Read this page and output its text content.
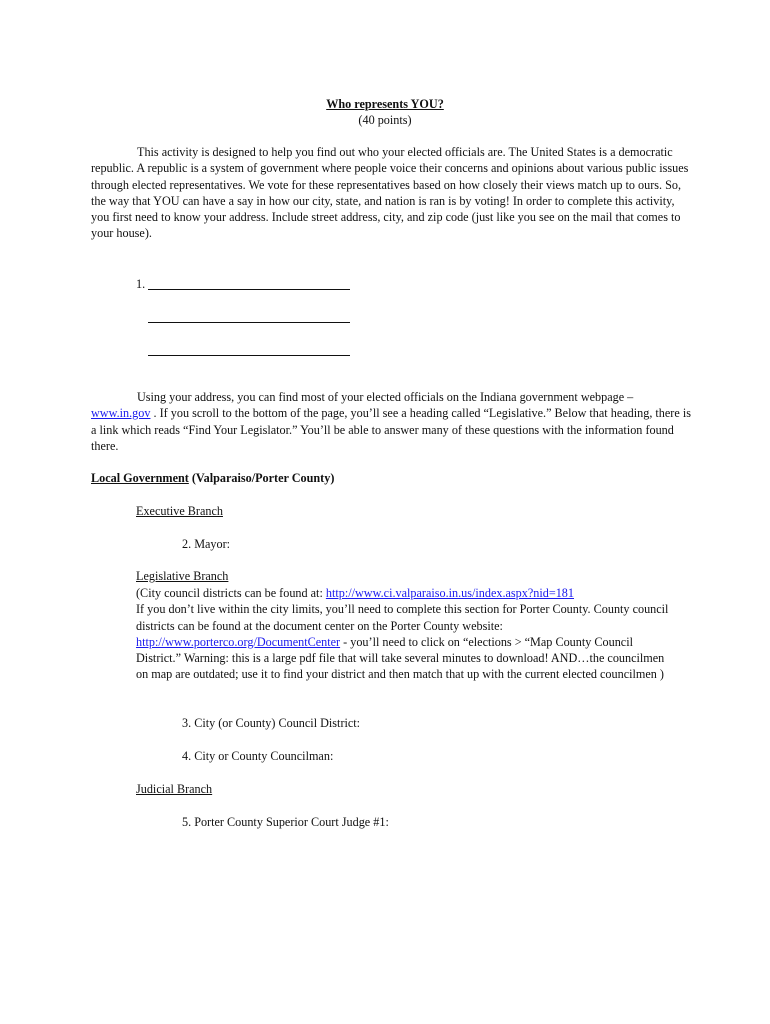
Who represents YOU?
(40 points)

This activity is designed to help you find out who your elected officials are. The United States is a democratic republic. A republic is a system of government where people voice their concerns and opinions about various public issues through elected representatives. We vote for these representatives based on how closely their views match up to ours. So, the way that YOU can have a say in how our city, state, and nation is ran is by voting! In order to complete this activity, you first need to know your address. Include street address, city, and zip code (just like you see on the mail that comes to your house).

1.

Using your address, you can find most of your elected officials on the Indiana government webpage – www.in.gov . If you scroll to the bottom of the page, you’ll see a heading called “Legislative.” Below that heading, there is a link which reads “Find Your Legislator.” You’ll be able to answer many of these questions with the information found there.

Local Government (Valparaiso/Porter County)
Executive Branch
2. Mayor:
Legislative Branch

(City council districts can be found at: http://www.ci.valparaiso.in.us/index.aspx?nid=181
If you don’t live within the city limits, you’ll need to complete this section for Porter County. County council districts can be found at the document center on the Porter County website: http://www.porterco.org/DocumentCenter - you’ll need to click on “elections > “Map County Council District.” Warning: this is a large pdf file that will take several minutes to download! AND…the councilmen on map are outdated; use it to find your district and then match that up with the current elected councilmen )

3. City (or County) Council District:
4. City or County Councilman:
Judicial Branch
5. Porter County Superior Court Judge #1:
